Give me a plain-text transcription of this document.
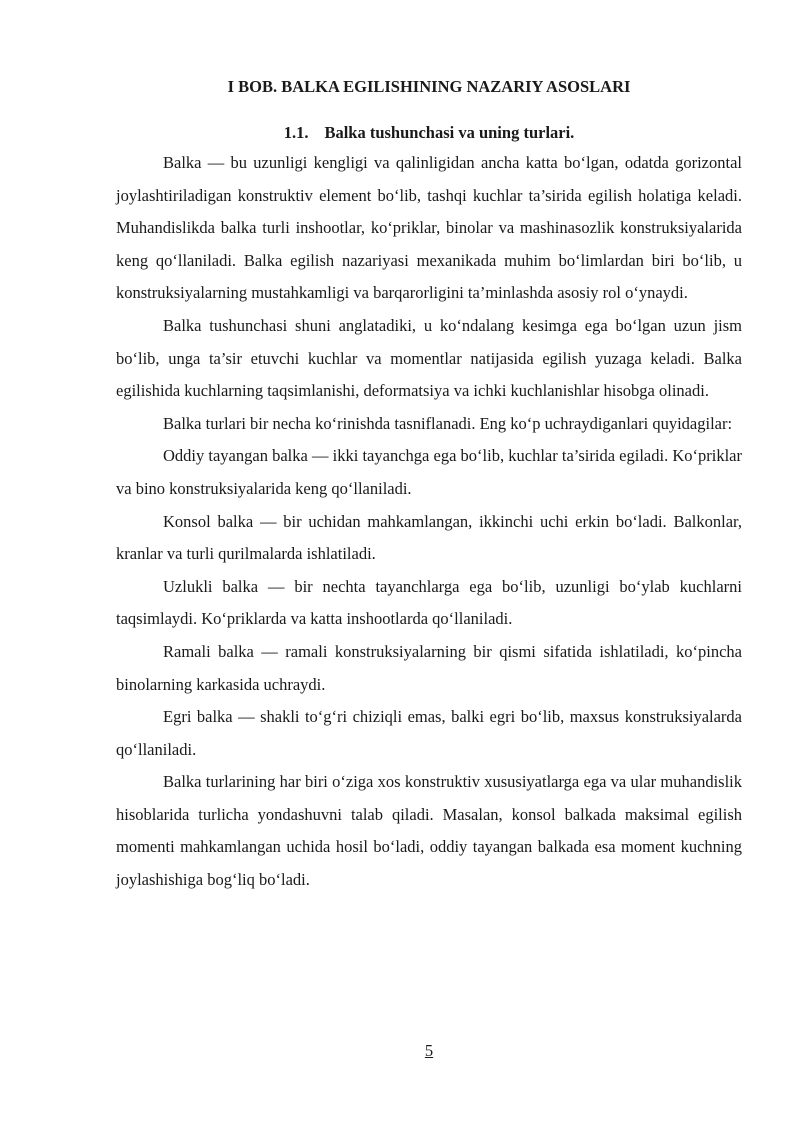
I BOB. BALKA EGILISHINING NAZARIY ASOSLARI
1.1. Balka tushunchasi va uning turlari.

Balka — bu uzunligi kengligi va qalinligidan ancha katta bo‘lgan, odatda gorizontal joylashtiriladigan konstruktiv element bo‘lib, tashqi kuchlar ta’sirida egilish holatiga keladi. Muhandislikda balka turli inshootlar, ko‘priklar, binolar va mashinasozlik konstruksiyalarida keng qo‘llaniladi. Balka egilish nazariyasi mexanikada muhim bo‘limlardan biri bo‘lib, u konstruksiyalarning mustahkamligi va barqarorligini ta’minlashda asosiy rol o‘ynaydi.

Balka tushunchasi shuni anglatadiki, u ko‘ndalang kesimga ega bo‘lgan uzun jism bo‘lib, unga ta’sir etuvchi kuchlar va momentlar natijasida egilish yuzaga keladi. Balka egilishida kuchlarning taqsimlanishi, deformatsiya va ichki kuchlanishlar hisobga olinadi.

Balka turlari bir necha ko‘rinishda tasniflanadi. Eng ko‘p uchraydiganlari quyidagilar:

Oddiy tayangan balka — ikki tayanchga ega bo‘lib, kuchlar ta’sirida egiladi. Ko‘priklar va bino konstruksiyalarida keng qo‘llaniladi.

Konsol balka — bir uchidan mahkamlangan, ikkinchi uchi erkin bo‘ladi. Balkonlar, kranlar va turli qurilmalarda ishlatiladi.

Uzlukli balka — bir nechta tayanchlarga ega bo‘lib, uzunligi bo‘ylab kuchlarni taqsimlaydi. Ko‘priklarda va katta inshootlarda qo‘llaniladi.

Ramali balka — ramali konstruksiyalarning bir qismi sifatida ishlatiladi, ko‘pincha binolarning karkasida uchraydi.

Egri balka — shakli to‘g‘ri chiziqli emas, balki egri bo‘lib, maxsus konstruksiyalarda qo‘llaniladi.

Balka turlarining har biri o‘ziga xos konstruktiv xususiyatlarga ega va ular muhandislik hisoblarida turlicha yondashuvni talab qiladi. Masalan, konsol balkada maksimal egilish momenti mahkamlangan uchida hosil bo‘ladi, oddiy tayangan balkada esa moment kuchning joylashishiga bog‘liq bo‘ladi.

5
